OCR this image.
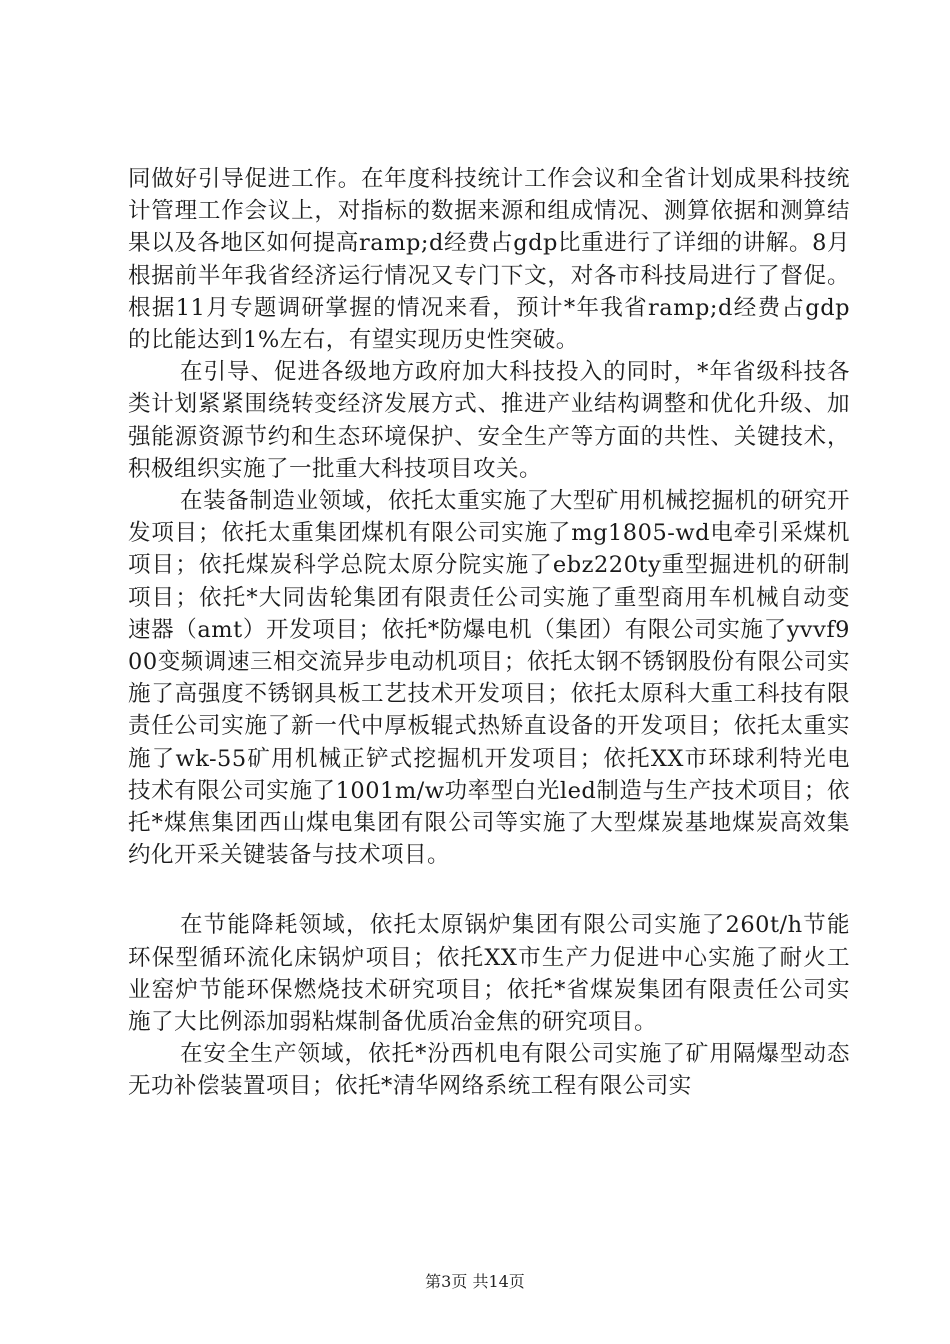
同做好引导促进工作。在年度科技统计工作会议和全省计划成果科技统计管理工作会议上，对指标的数据来源和组成情况、测算依据和测算结果以及各地区如何提高ramp;d经费占gdp比重进行了详细的讲解。8月根据前半年我省经济运行情况又专门下文，对各市科技局进行了督促。根据11月专题调研掌握的情况来看，预计*年我省ramp;d经费占gdp的比能达到1%左右，有望实现历史性突破。

在引导、促进各级地方政府加大科技投入的同时，*年省级科技各类计划紧紧围绕转变经济发展方式、推进产业结构调整和优化升级、加强能源资源节约和生态环境保护、安全生产等方面的共性、关键技术，积极组织实施了一批重大科技项目攻关。

在装备制造业领域，依托太重实施了大型矿用机械挖掘机的研究开发项目；依托太重集团煤机有限公司实施了mg1805-wd电牵引采煤机项目；依托煤炭科学总院太原分院实施了ebz220ty重型掘进机的研制项目；依托*大同齿轮集团有限责任公司实施了重型商用车机械自动变速器（amt）开发项目；依托*防爆电机（集团）有限公司实施了yvvf900变频调速三相交流异步电动机项目；依托太钢不锈钢股份有限公司实施了高强度不锈钢具板工艺技术开发项目；依托太原科大重工科技有限责任公司实施了新一代中厚板辊式热矫直设备的开发项目；依托太重实施了wk-55矿用机械正铲式挖掘机开发项目；依托XX市环球利特光电技术有限公司实施了1001m/w功率型白光led制造与生产技术项目；依托*煤焦集团西山煤电集团有限公司等实施了大型煤炭基地煤炭高效集约化开采关键装备与技术项目。

在节能降耗领域，依托太原锅炉集团有限公司实施了260t/h节能环保型循环流化床锅炉项目；依托XX市生产力促进中心实施了耐火工业窑炉节能环保燃烧技术研究项目；依托*省煤炭集团有限责任公司实施了大比例添加弱粘煤制备优质冶金焦的研究项目。

在安全生产领域，依托*汾西机电有限公司实施了矿用隔爆型动态无功补偿装置项目；依托*清华网络系统工程有限公司实

第3页 共14页
